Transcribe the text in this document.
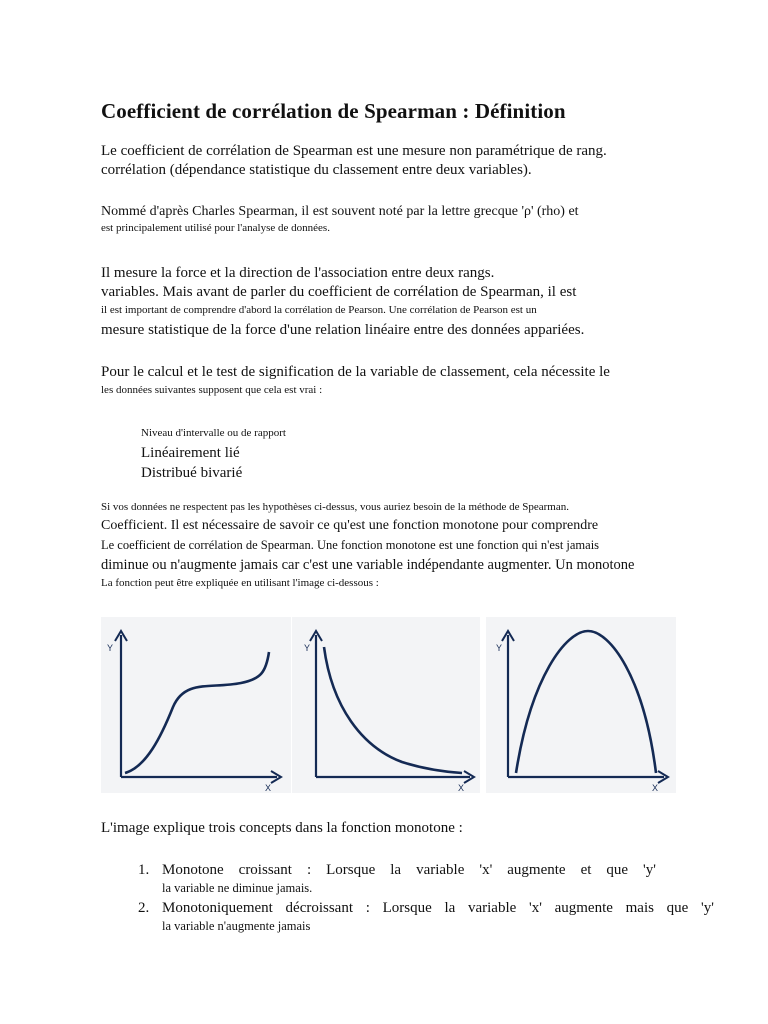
Coefficient de corrélation de Spearman : Définition
Le coefficient de corrélation de Spearman est une mesure non paramétrique de rang.
corrélation (dépendance statistique du classement entre deux variables).
Nommé d'après Charles Spearman, il est souvent noté par la lettre grecque 'ρ' (rho) et
est principalement utilisé pour l'analyse de données.
Il mesure la force et la direction de l'association entre deux rangs.
variables. Mais avant de parler du coefficient de corrélation de Spearman, il est
il est important de comprendre d'abord la corrélation de Pearson. Une corrélation de Pearson est un
mesure statistique de la force d'une relation linéaire entre des données appariées.
Pour le calcul et le test de signification de la variable de classement, cela nécessite le
les données suivantes supposent que cela est vrai :
Niveau d'intervalle ou de rapport
Linéairement lié
Distribué bivarié
Si vos données ne respectent pas les hypothèses ci-dessus, vous auriez besoin de la méthode de Spearman.
Coefficient. Il est nécessaire de savoir ce qu'est une fonction monotone pour comprendre
Le coefficient de corrélation de Spearman. Une fonction monotone est une fonction qui n'est jamais
diminue ou n'augmente jamais car c'est une variable indépendante augmenter. Un monotone
La fonction peut être expliquée en utilisant l'image ci-dessous :
Y
X
Y
X
Y
X
L'image explique trois concepts dans la fonction monotone :
1. Monotone croissant : Lorsque la variable 'x' augmente et que 'y'
la variable ne diminue jamais.
2. Monotoniquement décroissant : Lorsque la variable 'x' augmente mais que 'y'
la variable n'augmente jamais
